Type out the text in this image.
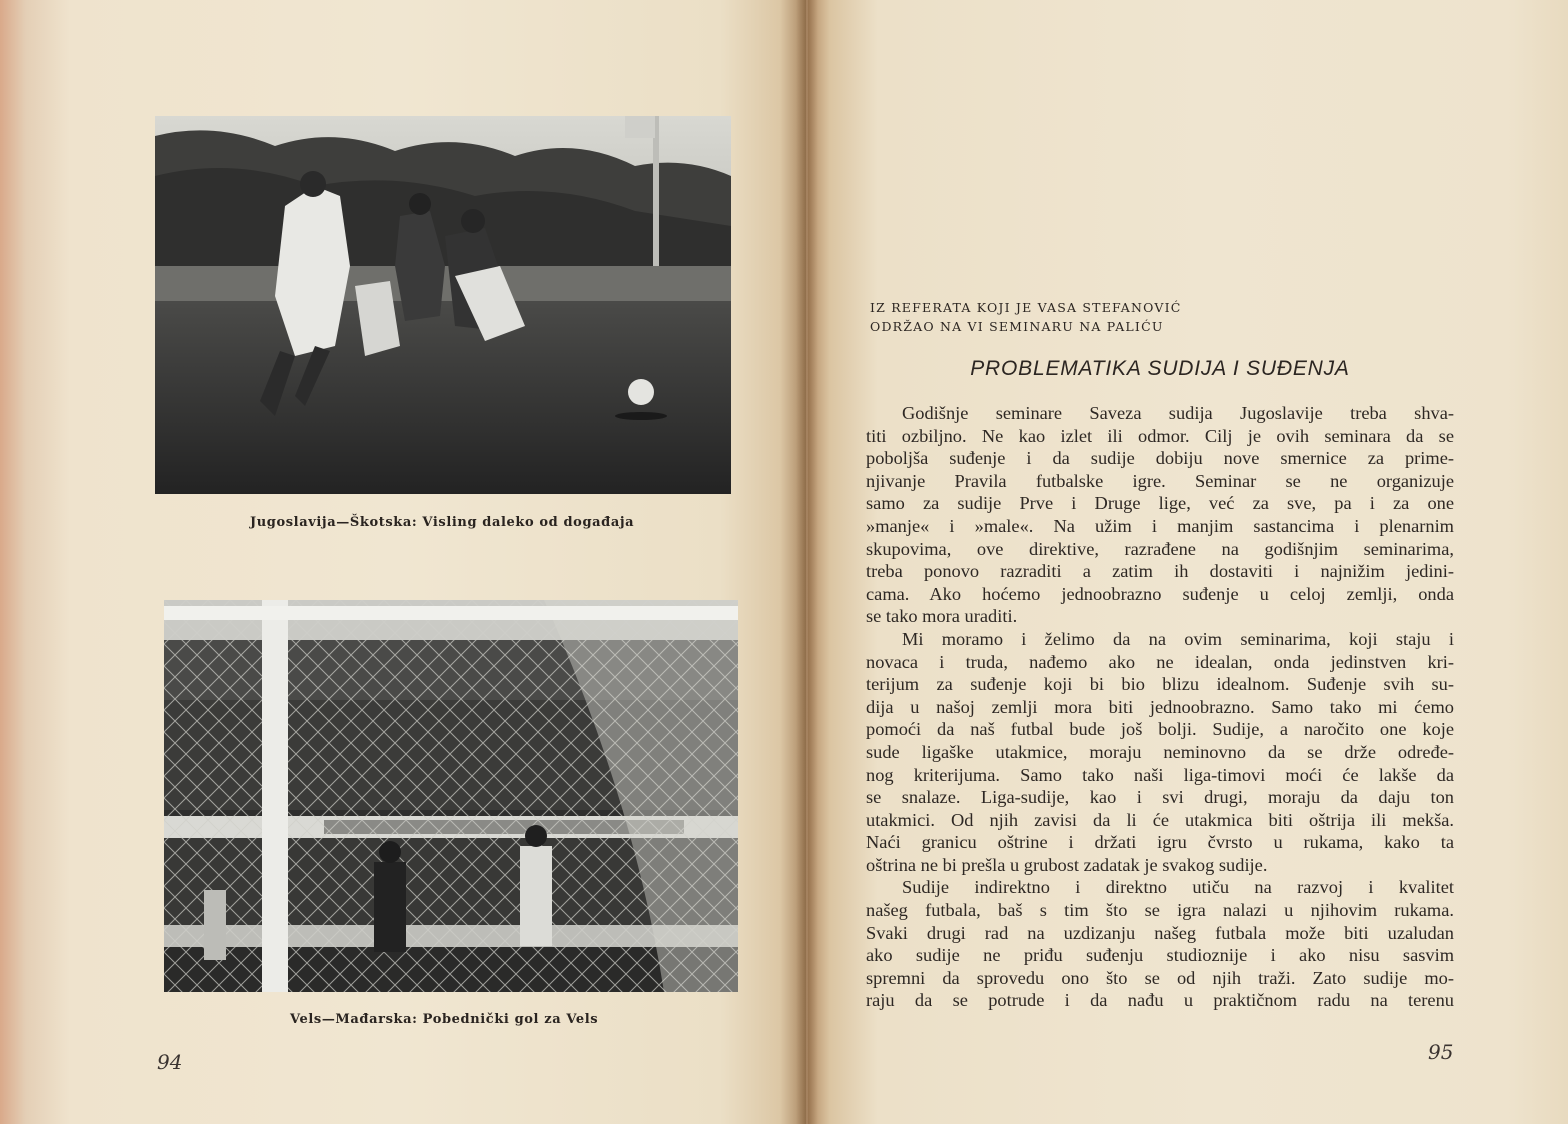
Jugoslavija—Škotska: Visling daleko od događaja
Vels—Mađarska: Pobednički gol za Vels
94
IZ REFERATA KOJI JE VASA STEFANOVIĆ
ODRŽAO NA VI SEMINARU NA PALIĆU
PROBLEMATIKA SUDIJA I SUĐENJA
Godišnje seminare Saveza sudija Jugoslavije treba shva-
titi ozbiljno. Ne kao izlet ili odmor. Cilj je ovih seminara da se
poboljša suđenje i da sudije dobiju nove smernice za prime-
njivanje Pravila futbalske igre. Seminar se ne organizuje
samo za sudije Prve i Druge lige, već za sve, pa i za one
»manje« i »male«. Na užim i manjim sastancima i plenarnim
skupovima, ove direktive, razrađene na godišnjim seminarima,
treba ponovo razraditi a zatim ih dostaviti i najnižim jedini-
cama. Ako hoćemo jednoobrazno suđenje u celoj zemlji, onda
se tako mora uraditi.
Mi moramo i želimo da na ovim seminarima, koji staju i
novaca i truda, nađemo ako ne idealan, onda jedinstven kri-
terijum za suđenje koji bi bio blizu idealnom. Suđenje svih su-
dija u našoj zemlji mora biti jednoobrazno. Samo tako mi ćemo
pomoći da naš futbal bude još bolji. Sudije, a naročito one koje
sude ligaške utakmice, moraju neminovno da se drže određe-
nog kriterijuma. Samo tako naši liga-timovi moći će lakše da
se snalaze. Liga-sudije, kao i svi drugi, moraju da daju ton
utakmici. Od njih zavisi da li će utakmica biti oštrija ili mekša.
Naći granicu oštrine i držati igru čvrsto u rukama, kako ta
oštrina ne bi prešla u grubost zadatak je svakog sudije.
Sudije indirektno i direktno utiču na razvoj i kvalitet
našeg futbala, baš s tim što se igra nalazi u njihovim rukama.
Svaki drugi rad na uzdizanju našeg futbala može biti uzaludan
ako sudije ne priđu suđenju studioznije i ako nisu sasvim
spremni da sprovedu ono što se od njih traži. Zato sudije mo-
raju da se potrude i da nađu u praktičnom radu na terenu
95
